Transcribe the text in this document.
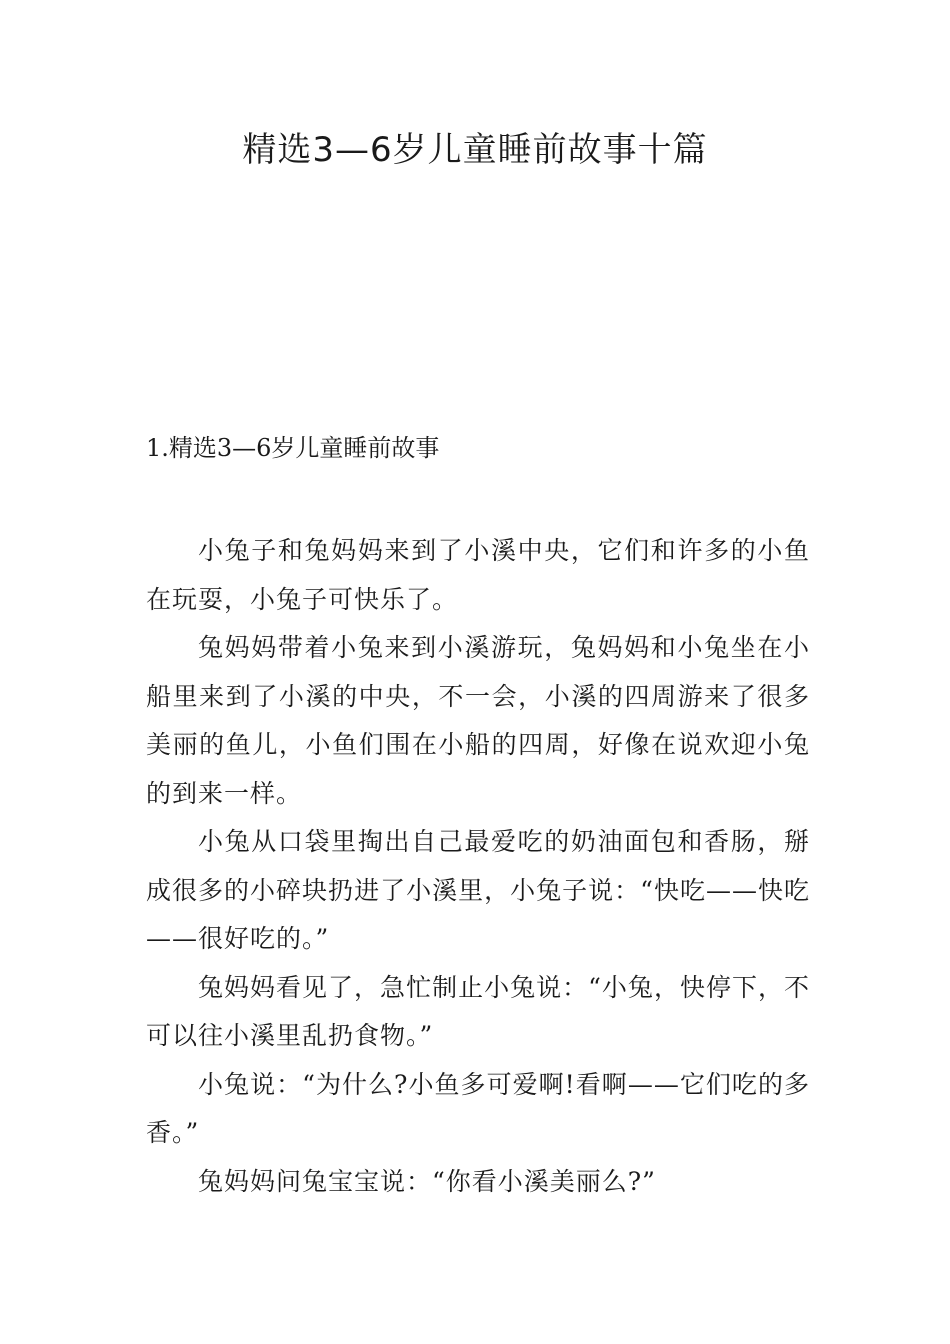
精选3—6岁儿童睡前故事十篇
1.精选3—6岁儿童睡前故事

小兔子和兔妈妈来到了小溪中央，它们和许多的小鱼在玩耍，小兔子可快乐了。

兔妈妈带着小兔来到小溪游玩，兔妈妈和小兔坐在小船里来到了小溪的中央，不一会，小溪的四周游来了很多美丽的鱼儿，小鱼们围在小船的四周，好像在说欢迎小兔的到来一样。

小兔从口袋里掏出自己最爱吃的奶油面包和香肠，掰成很多的小碎块扔进了小溪里，小兔子说：“快吃——快吃——很好吃的。”

兔妈妈看见了，急忙制止小兔说：“小兔，快停下，不可以往小溪里乱扔食物。”

小兔说：“为什么?小鱼多可爱啊!看啊——它们吃的多香。”

兔妈妈问兔宝宝说：“你看小溪美丽么?”
